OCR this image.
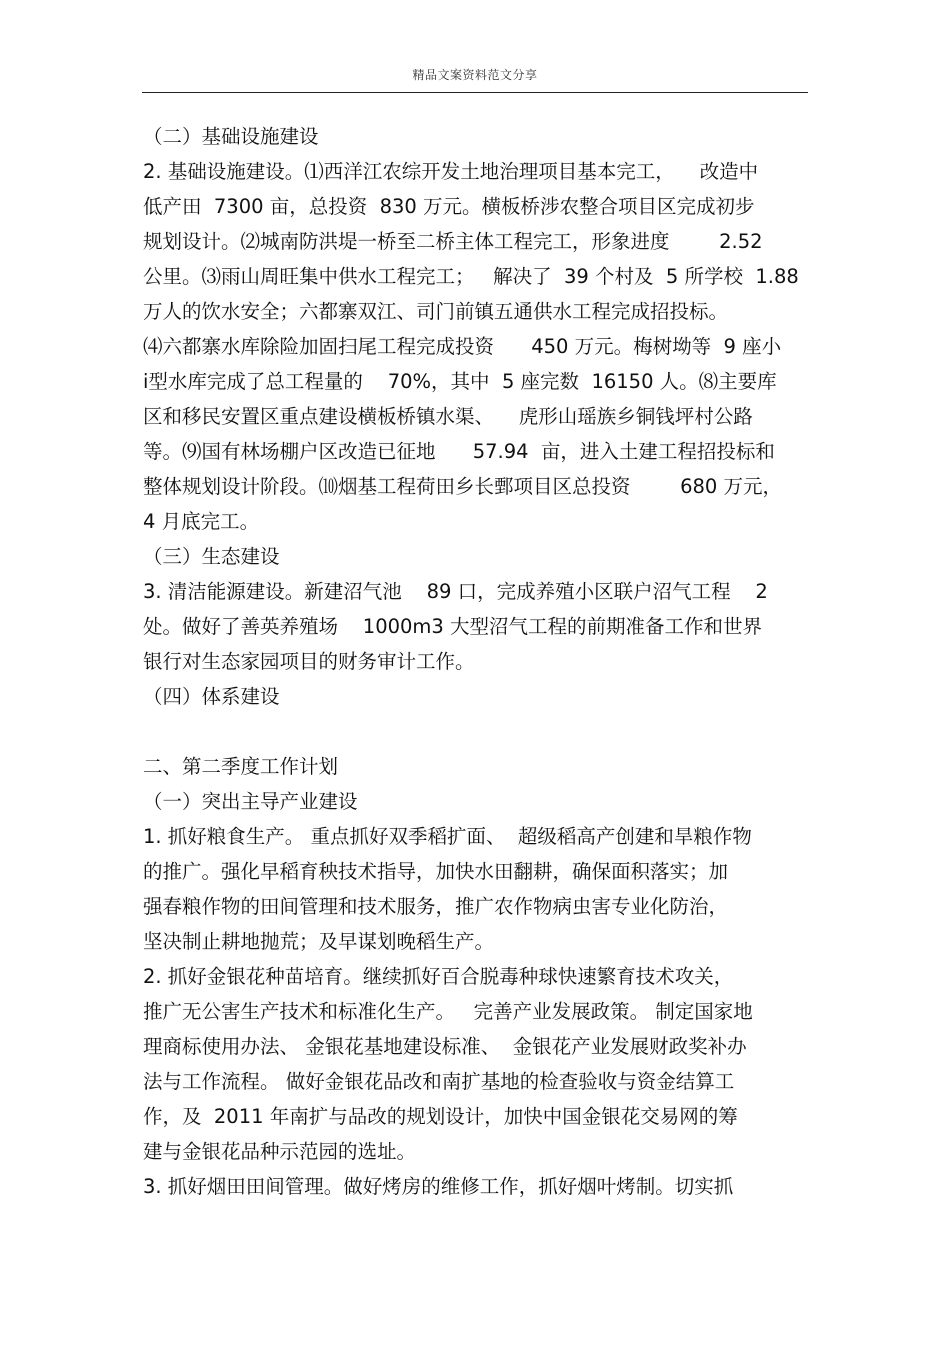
精品文案资料范文分享
（二）基础设施建设
2. 基础设施建设。⑴西洋江农综开发土地治理项目基本完工，    改造中
低产田  7300 亩，总投资  830 万元。横板桥涉农整合项目区完成初步
规划设计。⑵城南防洪堤一桥至二桥主体工程完工，形象进度        2.52
公里。⑶雨山周旺集中供水工程完工；   解决了  39 个村及  5 所学校  1.88
万人的饮水安全；六都寨双江、司门前镇五通供水工程完成招投标。
⑷六都寨水库除险加固扫尾工程完成投资      450 万元。梅树坳等  9 座小
ⅰ型水库完成了总工程量的    70%，其中  5 座完数  16150 人。⑻主要库
区和移民安置区重点建设横板桥镇水渠、    虎形山瑶族乡铜钱坪村公路
等。⑼国有林场棚户区改造已征地      57.94  亩，进入土建工程招投标和
整体规划设计阶段。⑽烟基工程荷田乡长鄄项目区总投资        680 万元，
4 月底完工。
（三）生态建设
3. 清洁能源建设。新建沼气池    89 口，完成养殖小区联户沼气工程    2
处。做好了善英养殖场    1000m3 大型沼气工程的前期准备工作和世界
银行对生态家园项目的财务审计工作。
（四）体系建设
二、第二季度工作计划
（一）突出主导产业建设
1. 抓好粮食生产。 重点抓好双季稻扩面、  超级稻高产创建和旱粮作物
的推广。强化早稻育秧技术指导，加快水田翻耕，确保面积落实；加
强春粮作物的田间管理和技术服务，推广农作物病虫害专业化防治，
坚决制止耕地抛荒；及早谋划晚稻生产。
2. 抓好金银花种苗培育。继续抓好百合脱毒种球快速繁育技术攻关，
推广无公害生产技术和标准化生产。   完善产业发展政策。 制定国家地
理商标使用办法、 金银花基地建设标准、  金银花产业发展财政奖补办
法与工作流程。 做好金银花品改和南扩基地的检查验收与资金结算工
作，及  2011 年南扩与品改的规划设计，加快中国金银花交易网的筹
建与金银花品种示范园的选址。
3. 抓好烟田田间管理。做好烤房的维修工作，抓好烟叶烤制。切实抓
